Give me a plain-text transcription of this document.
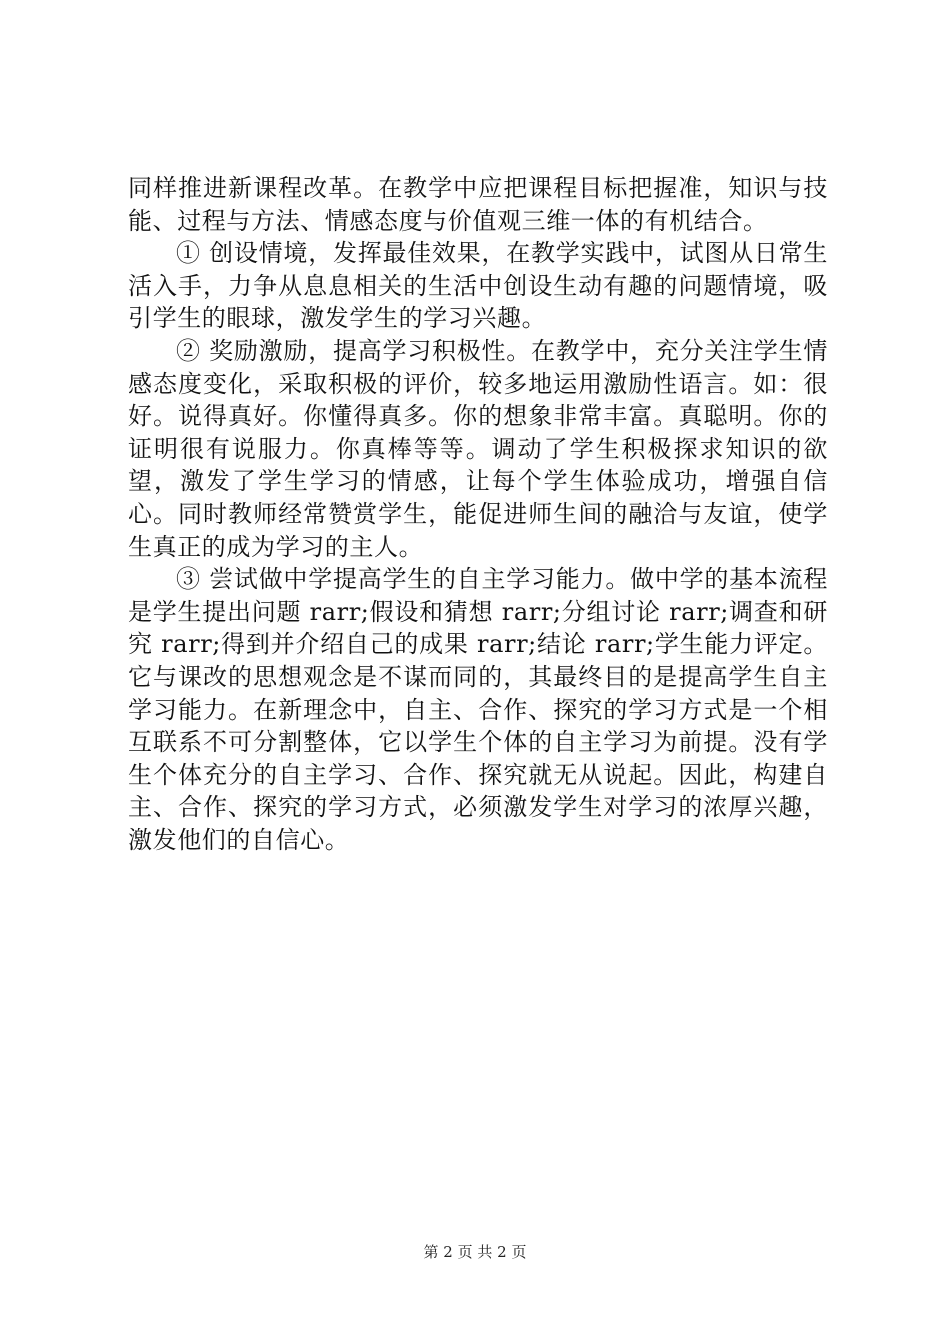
同样推进新课程改革。在教学中应把课程目标把握准，知识与技能、过程与方法、情感态度与价值观三维一体的有机结合。

① 创设情境，发挥最佳效果，在教学实践中，试图从日常生活入手，力争从息息相关的生活中创设生动有趣的问题情境，吸引学生的眼球，激发学生的学习兴趣。

② 奖励激励，提高学习积极性。在教学中，充分关注学生情感态度变化，采取积极的评价，较多地运用激励性语言。如：很好。说得真好。你懂得真多。你的想象非常丰富。真聪明。你的证明很有说服力。你真棒等等。调动了学生积极探求知识的欲望，激发了学生学习的情感，让每个学生体验成功，增强自信心。同时教师经常赞赏学生，能促进师生间的融洽与友谊，使学生真正的成为学习的主人。

③ 尝试做中学提高学生的自主学习能力。做中学的基本流程是学生提出问题 rarr;假设和猜想 rarr;分组讨论 rarr;调查和研究 rarr;得到并介绍自己的成果 rarr;结论 rarr;学生能力评定。它与课改的思想观念是不谋而同的，其最终目的是提高学生自主学习能力。在新理念中，自主、合作、探究的学习方式是一个相互联系不可分割整体，它以学生个体的自主学习为前提。没有学生个体充分的自主学习、合作、探究就无从说起。因此，构建自主、合作、探究的学习方式，必须激发学生对学习的浓厚兴趣，激发他们的自信心。

第 2 页 共 2 页
